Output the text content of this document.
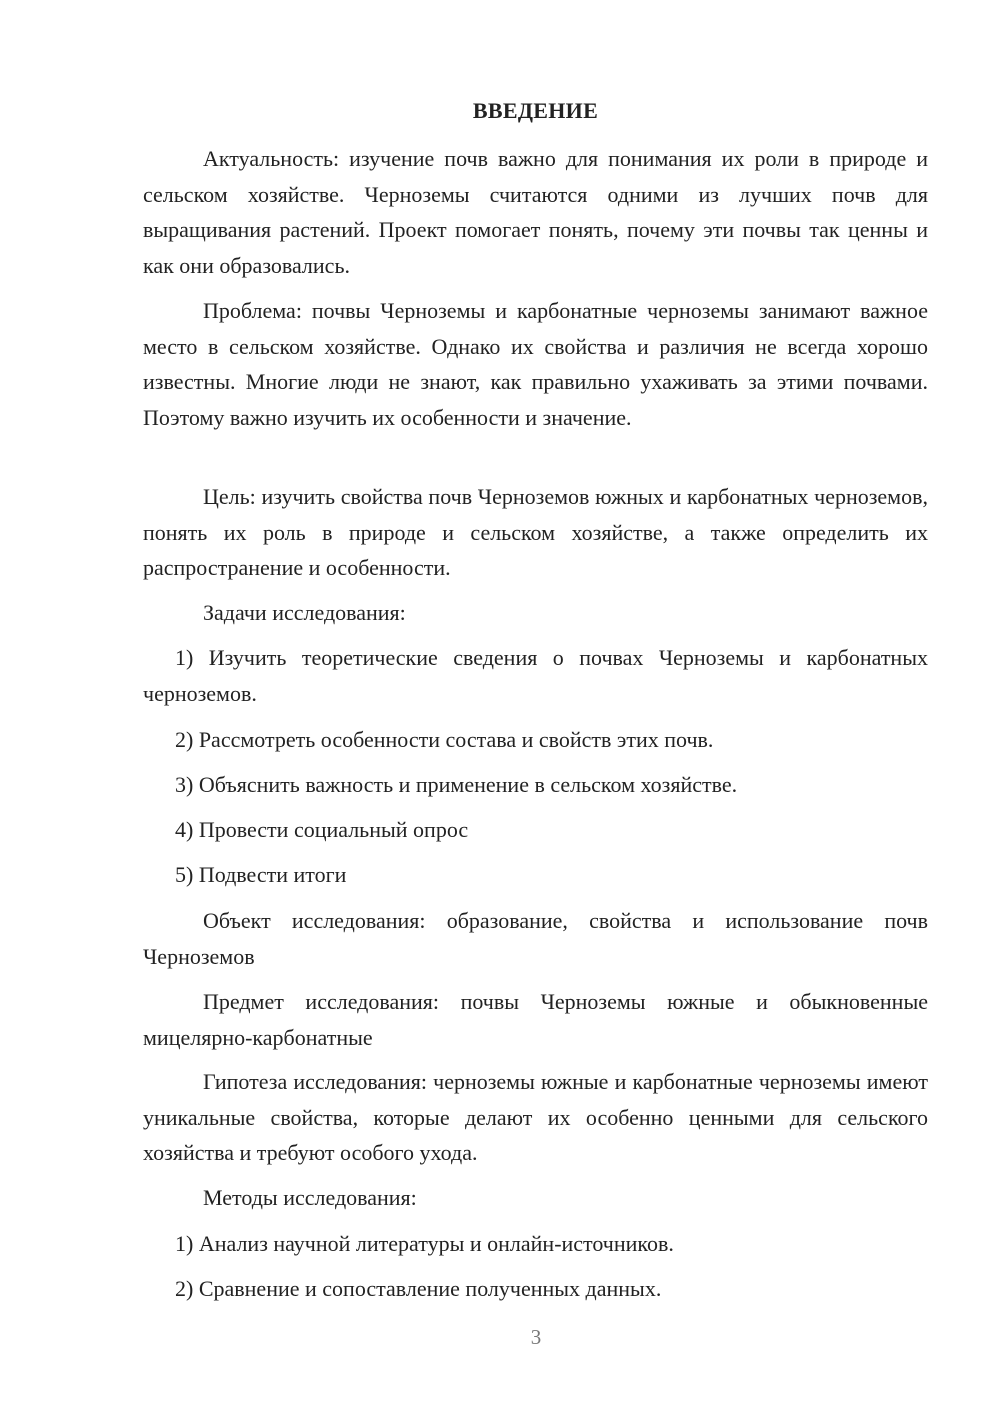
ВВЕДЕНИЕ

Актуальность: изучение почв важно для понимания их роли в природе и сельском хозяйстве. Черноземы считаются одними из лучших почв для выращивания растений. Проект помогает понять, почему эти почвы так ценны и как они образовались.

Проблема: почвы Черноземы и карбонатные черноземы занимают важное место в сельском хозяйстве. Однако их свойства и различия не всегда хорошо известны. Многие люди не знают, как правильно ухаживать за этими почвами. Поэтому важно изучить их особенности и значение.

Цель: изучить свойства почв Черноземов южных и карбонатных черноземов, понять их роль в природе и сельском хозяйстве, а также определить их распространение и особенности.

Задачи исследования:

1) Изучить теоретические сведения о почвах Черноземы и карбонатных черноземов.

2) Рассмотреть особенности состава и свойств этих почв.

3) Объяснить важность и применение в сельском хозяйстве.

4) Провести социальный опрос

5) Подвести итоги

Объект исследования: образование, свойства и использование почв Черноземов

Предмет исследования: почвы Черноземы южные и обыкновенные мицелярно-карбонатные

Гипотеза исследования: черноземы южные и карбонатные черноземы имеют уникальные свойства, которые делают их особенно ценными для сельского хозяйства и требуют особого ухода.

Методы исследования:

1) Анализ научной литературы и онлайн-источников.

2) Сравнение и сопоставление полученных данных.

3
